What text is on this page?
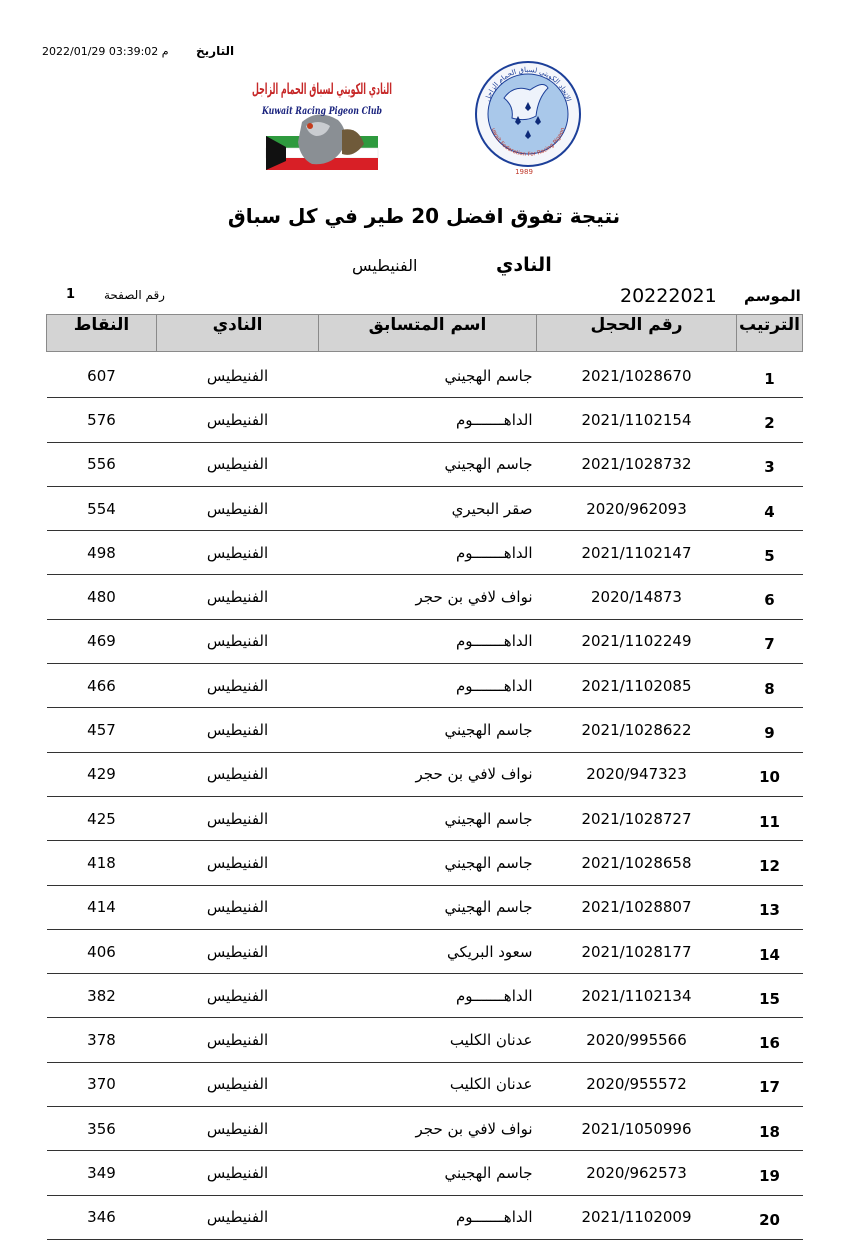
التاريخ
2022/01/29 03:39:02 م
الاتحاد الكويتي لسباق الحمام الزاجل
uwait Federation For Racing Pigeon
1989
باق الحمام الزاجل
Kuwait Racing Pigeon Club
نتيجة تفوق افضل 20 طير في كل سباق
النادي
الفنيطيس
الموسم
20222021
رقم الصفحة
1
الترتيب	رقم الحجل	اسم المتسابق	النادي	النقاط

1	2021/1028670	جاسم الهجيني	الفنيطيس	607
2	2021/1102154	الداهـــــــوم	الفنيطيس	576
3	2021/1028732	جاسم الهجيني	الفنيطيس	556
4	2020/962093	صقر البحيري	الفنيطيس	554
5	2021/1102147	الداهـــــــوم	الفنيطيس	498
6	2020/14873	نواف لافي بن حجر	الفنيطيس	480
7	2021/1102249	الداهـــــــوم	الفنيطيس	469
8	2021/1102085	الداهـــــــوم	الفنيطيس	466
9	2021/1028622	جاسم الهجيني	الفنيطيس	457
10	2020/947323	نواف لافي بن حجر	الفنيطيس	429
11	2021/1028727	جاسم الهجيني	الفنيطيس	425
12	2021/1028658	جاسم الهجيني	الفنيطيس	418
13	2021/1028807	جاسم الهجيني	الفنيطيس	414
14	2021/1028177	سعود البريكي	الفنيطيس	406
15	2021/1102134	الداهـــــــوم	الفنيطيس	382
16	2020/995566	عدنان الكليب	الفنيطيس	378
17	2020/955572	عدنان الكليب	الفنيطيس	370
18	2021/1050996	نواف لافي بن حجر	الفنيطيس	356
19	2020/962573	جاسم الهجيني	الفنيطيس	349
20	2021/1102009	الداهـــــــوم	الفنيطيس	346
